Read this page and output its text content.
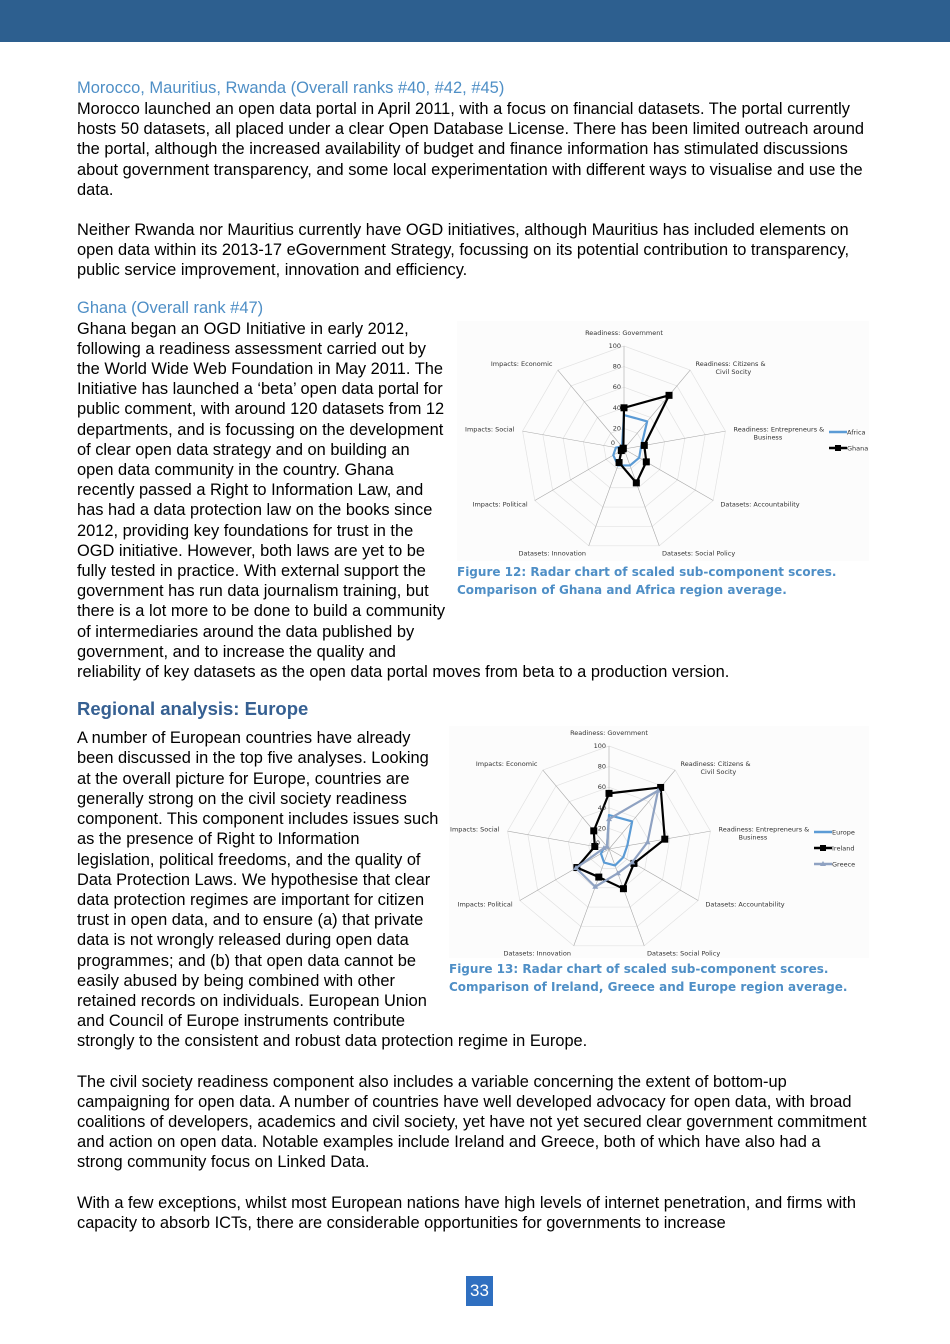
Morocco, Mauritius, Rwanda (Overall ranks #40, #42, #45)

Morocco launched an open data portal in April 2011, with a focus on financial datasets. The portal currently hosts 50 datasets, all placed under a clear Open Database License. There has been limited outreach around the portal, although the increased availability of budget and finance information has stimulated discussions about government transparency, and some local experimentation with different ways to visualise and use the data.

Neither Rwanda nor Mauritius currently have OGD initiatives, although Mauritius has included elements on open data within its 2013-17 eGovernment Strategy, focussing on its potential contribution to transparency, public service improvement, innovation and efficiency.

Ghana (Overall rank #47)
Readiness: Government
Readiness: Citizens & Civil Socity
Readiness: Entrepreneurs & Business
Datasets: Accountability
Datasets: Social Policy
Datasets: Innovation
Impacts: Political
Impacts: Social
Impacts: Economic
Africa
Ghana
0
20
40
60
80
100
Figure 12: Radar chart of scaled sub-component scores. Comparison of Ghana and Africa region average.

Ghana began an OGD Initiative in early 2012, following a readiness assessment carried out by the World Wide Web Foundation in May 2011. The Initiative has launched a ‘beta’ open data portal for public comment, with around 120 datasets from 12 departments, and is focussing on the development of clear open data strategy and on building an open data community in the country. Ghana recently passed a Right to Information Law, and has had a data protection law on the books since 2012, providing key foundations for trust in the OGD initiative. However, both laws are yet to be fully tested in practice. With external support the government has run data journalism training, but there is a lot more to be done to build a community of intermediaries around the data published by government, and to increase the quality and reliability of key datasets as the open data portal moves from beta to a production version.

Regional analysis: Europe
Readiness: Government
Readiness: Citizens & Civil Socity
Readiness: Entrepreneurs & Business
Datasets: Accountability
Datasets: Social Policy
Datasets: Innovation
Impacts: Political
Impacts: Social
Impacts: Economic
Europe
Ireland
Greece
0
20
40
60
80
100
Figure 13: Radar chart of scaled sub-component scores. Comparison of Ireland, Greece and Europe region average.

A number of European countries have already been discussed in the top five analyses. Looking at the overall picture for Europe, countries are generally strong on the civil society readiness component. This component includes issues such as the presence of Right to Information legislation, political freedoms, and the quality of Data Protection Laws. We hypothesise that clear data protection regimes are important for citizen trust in open data, and to ensure (a) that private data is not wrongly released during open data programmes; and (b) that open data cannot be easily abused by being combined with other retained records on individuals. European Union and Council of Europe instruments contribute strongly to the consistent and robust data protection regime in Europe.

The civil society readiness component also includes a variable concerning the extent of bottom-up campaigning for open data. A number of countries have well developed advocacy for open data, with broad coalitions of developers, academics and civil society, yet have not yet secured clear government commitment and action on open data. Notable examples include Ireland and Greece, both of which have also had a strong community focus on Linked Data.

With a few exceptions, whilst most European nations have high levels of internet penetration, and firms with capacity to absorb ICTs, there are considerable opportunities for governments to increase

33
